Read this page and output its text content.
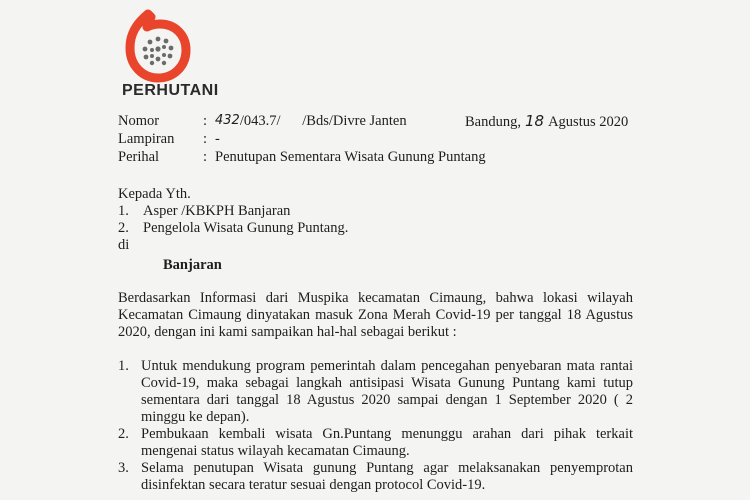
PERHUTANI
Nomor	: 432 /043.7/      /Bds/Divre Janten
Lampiran	: -
Perihal	: Penutupan Sementara Wisata Gunung Puntang
Bandung, 18 Agustus 2020
Kepada Yth.
1. Asper /KBKPH Banjaran
2. Pengelola Wisata Gunung Puntang.
di
Banjaran
Berdasarkan Informasi dari Muspika kecamatan Cimaung, bahwa lokasi wilayah Kecamatan Cimaung dinyatakan masuk Zona Merah Covid-19 per tanggal 18 Agustus 2020, dengan ini kami sampaikan hal-hal sebagai berikut :
1. Untuk mendukung program pemerintah dalam pencegahan penyebaran mata rantai Covid-19, maka sebagai langkah antisipasi Wisata Gunung Puntang kami tutup sementara dari tanggal 18 Agustus 2020 sampai dengan 1 September 2020 ( 2 minggu ke depan).
2. Pembukaan kembali wisata Gn.Puntang menunggu arahan dari pihak terkait mengenai status wilayah kecamatan Cimaung.
3. Selama penutupan Wisata gunung Puntang agar melaksanakan penyemprotan disinfektan secara teratur sesuai dengan protocol Covid-19.
